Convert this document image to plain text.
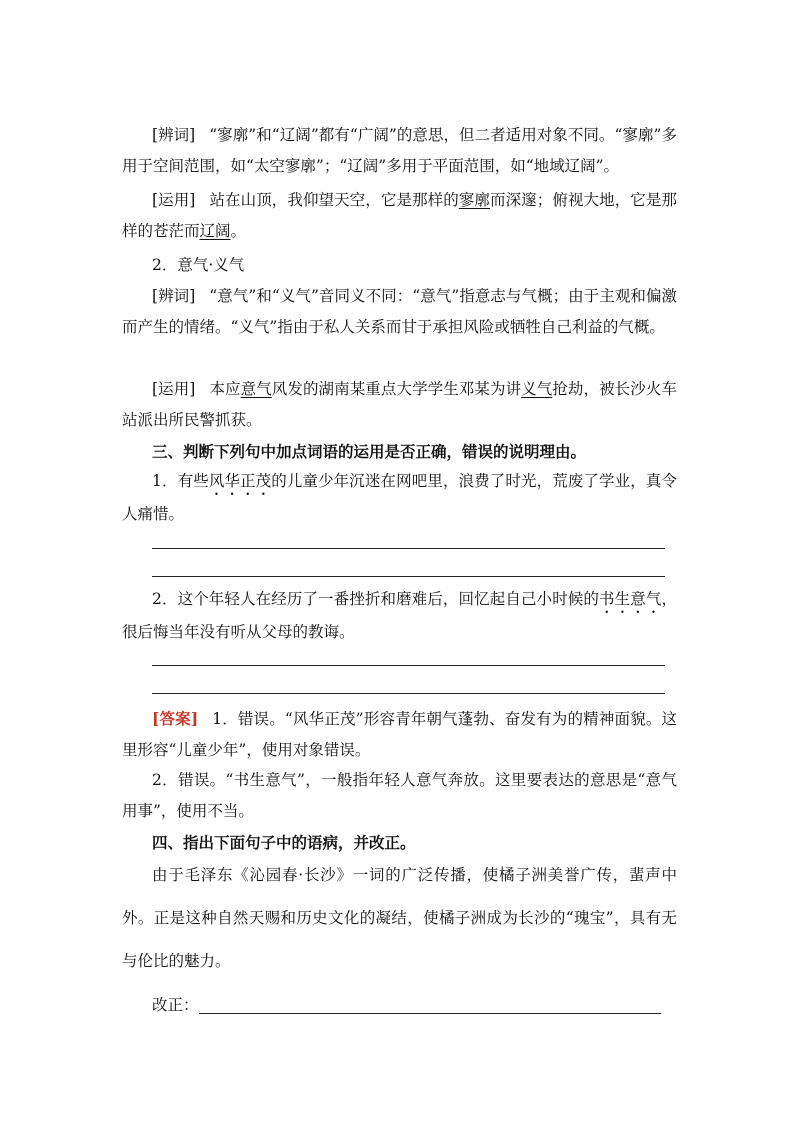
[辨词] “寥廓”和“辽阔”都有“广阔”的意思，但二者适用对象不同。“寥廓”多用于空间范围，如“太空寥廓”；“辽阔”多用于平面范围，如“地域辽阔”。

[运用] 站在山顶，我仰望天空，它是那样的寥廓而深邃；俯视大地，它是那样的苍茫而辽阔。

2．意气·义气

[辨词] “意气”和“义气”音同义不同：“意气”指意志与气概；由于主观和偏激而产生的情绪。“义气”指由于私人关系而甘于承担风险或牺牲自己利益的气概。

[运用] 本应意气风发的湖南某重点大学学生邓某为讲义气抢劫，被长沙火车站派出所民警抓获。

三、判断下列句中加点词语的运用是否正确，错误的说明理由。

1．有些风华正茂的儿童少年沉迷在网吧里，浪费了时光，荒废了学业，真令人痛惜。

2．这个年轻人在经历了一番挫折和磨难后，回忆起自己小时候的书生意气，很后悔当年没有听从父母的教诲。

[答案] 1．错误。“风华正茂”形容青年朝气蓬勃、奋发有为的精神面貌。这里形容“儿童少年”，使用对象错误。

2．错误。“书生意气”，一般指年轻人意气奔放。这里要表达的意思是“意气用事”，使用不当。

四、指出下面句子中的语病，并改正。

由于毛泽东《沁园春·长沙》一词的广泛传播，使橘子洲美誉广传，蜚声中外。正是这种自然天赐和历史文化的凝结，使橘子洲成为长沙的“瑰宝”，具有无与伦比的魅力。

改正：
